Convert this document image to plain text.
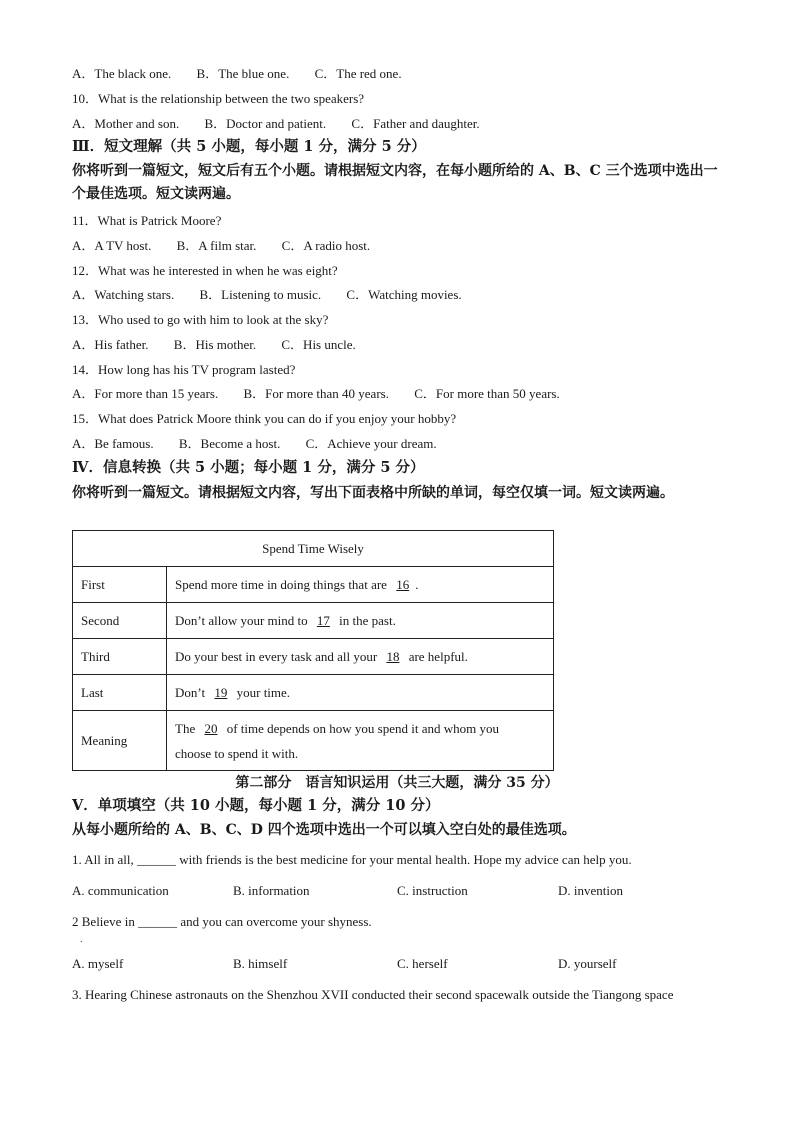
A．The black one. B．The blue one. C．The red one.
10．What is the relationship between the two speakers?
A．Mother and son. B．Doctor and patient. C．Father and daughter.
Ⅲ．短文理解（共 5 小题，每小题 1 分，满分 5 分）
你将听到一篇短文，短文后有五个小题。请根据短文内容，在每小题所给的 A、B、C 三个选项中选出一个最佳选项。短文读两遍。
11．What is Patrick Moore?
A．A TV host. B．A film star. C．A radio host.
12．What was he interested in when he was eight?
A．Watching stars. B．Listening to music. C．Watching movies.
13．Who used to go with him to look at the sky?
A．His father. B．His mother. C．His uncle.
14．How long has his TV program lasted?
A．For more than 15 years. B．For more than 40 years. C．For more than 50 years.
15．What does Patrick Moore think you can do if you enjoy your hobby?
A．Be famous. B．Become a host. C．Achieve your dream.
Ⅳ．信息转换（共 5 小题；每小题 1 分，满分 5 分）
你将听到一篇短文。请根据短文内容，写出下面表格中所缺的单词，每空仅填一词。短文读两遍。
Spend Time Wisely	
First	Spend more time in doing things that are 16 .
Second	Don’t allow your mind to 17 in the past.
Third	Do your best in every task and all your 18 are helpful.
Last	Don’t 19 your time.
Meaning	The 20 of time depends on how you spend it and whom you
choose to spend it with.
第二部分　语言知识运用（共三大题，满分 35 分）
Ⅴ．单项填空（共 10 小题，每小题 1 分，满分 10 分）
从每小题所给的 A、B、C、D 四个选项中选出一个可以填入空白处的最佳选项。
1. All in all, ______ with friends is the best medicine for your mental health. Hope my advice can help you.
A. communication	B. information	C. instruction	D. invention
2 Believe in ______ and you can overcome your shyness.
．
A. myself	B. himself	C. herself	D. yourself
3. Hearing Chinese astronauts on the Shenzhou XVII conducted their second spacewalk outside the Tiangong space
